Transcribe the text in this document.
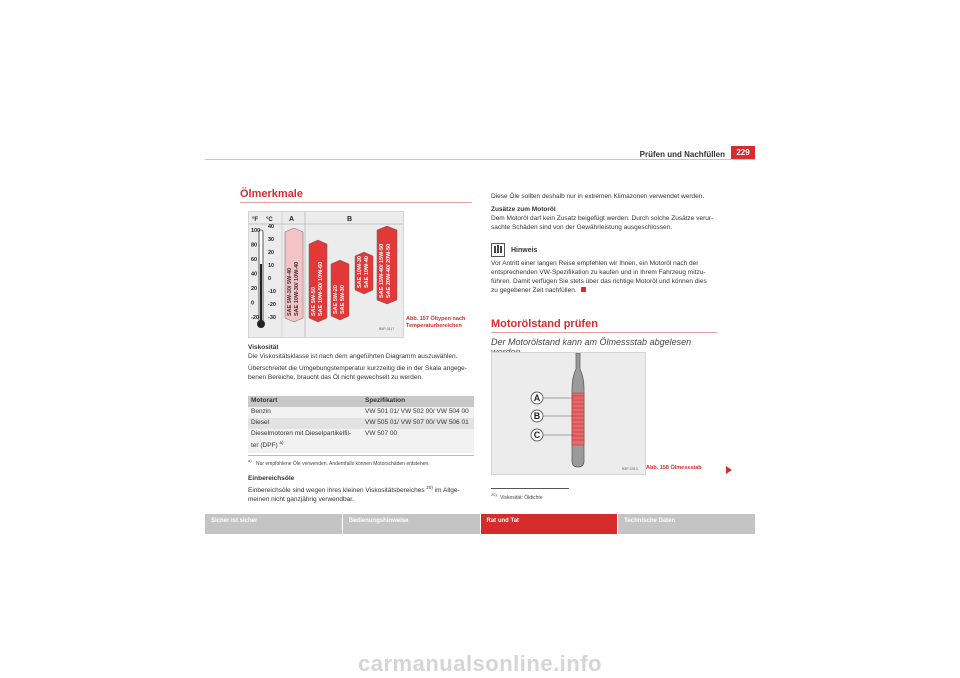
Prüfen und Nachfüllen	229
Ölmerkmale
°F °C A	B
100
80
60
40
20
0
-20
40
30
20
10
0
-10
-20
-30
SAE 5W-30/ 5W-40 SAE 10W-30/ 10W-40 SAE 5W-50 SAE 10W-50/ 10W-60 SAE 5W-20 SAE 5W-30
SAE 10W-30 SAE 10W-40 SAE 15W-40/ 15W-50 SAE 20W-40/ 20W-50
B5P-0117
Abb. 157 Öltypen nach
Temperaturbereichen

Viskosität

Die Viskositätsklasse ist nach dem angeführten Diagramm auszuwählen.

Überschreitet die Umgebungstemperatur kurzzeitig die in der Skala angege-

benen Bereiche, braucht das Öl nicht gewechselt zu werden.

Motorart	Spezifikation
Benzin	VW 501 01/ VW 502 00/ VW 504 00
Diesel	VW 505 01/ VW 507 00/ VW 506 01
Dieselmotoren mit Dieselpartikelfil-
ter (DPF) $^{a)}$	VW 507 00
$^{a)}$ Nur empfohlene Öle verwenden. Andernfalls können Motorschäden entstehen.

Einbereichsöle

Einbereichsöle sind wegen ihres kleinen Viskositätsbereiches $^{20)}$ im Allge-

meinen nicht ganzjährig verwendbar.

Diese Öle sollten deshalb nur in extremen Klimazonen verwendet werden.

Zusätze zum Motoröl

Dem Motoröl darf kein Zusatz beigefügt werden. Durch solche Zusätze verur-

sachte Schäden sind von der Gewährleistung ausgeschlossen.

Hinweis

Vor Antritt einer langen Reise empfehlen wir Ihnen, ein Motoröl nach der

entsprechenden VW-Spezifikation zu kaufen und in Ihrem Fahrzeug mitzu-

führen. Damit verfügen Sie stets über das richtige Motoröl und können dies

zu gegebener Zeit nachfüllen.

Motorölstand prüfen
Der Motorölstand kann am Ölmessstab abgelesen
A
B
C
B5P-0013 Abb. 158 Ölmessstab
$^{20)}$ Viskosität: Öldichte
Sicher ist sicher	Bedienungshinweise	Rat und Tat	Technische Daten
carmanualsonline.info
